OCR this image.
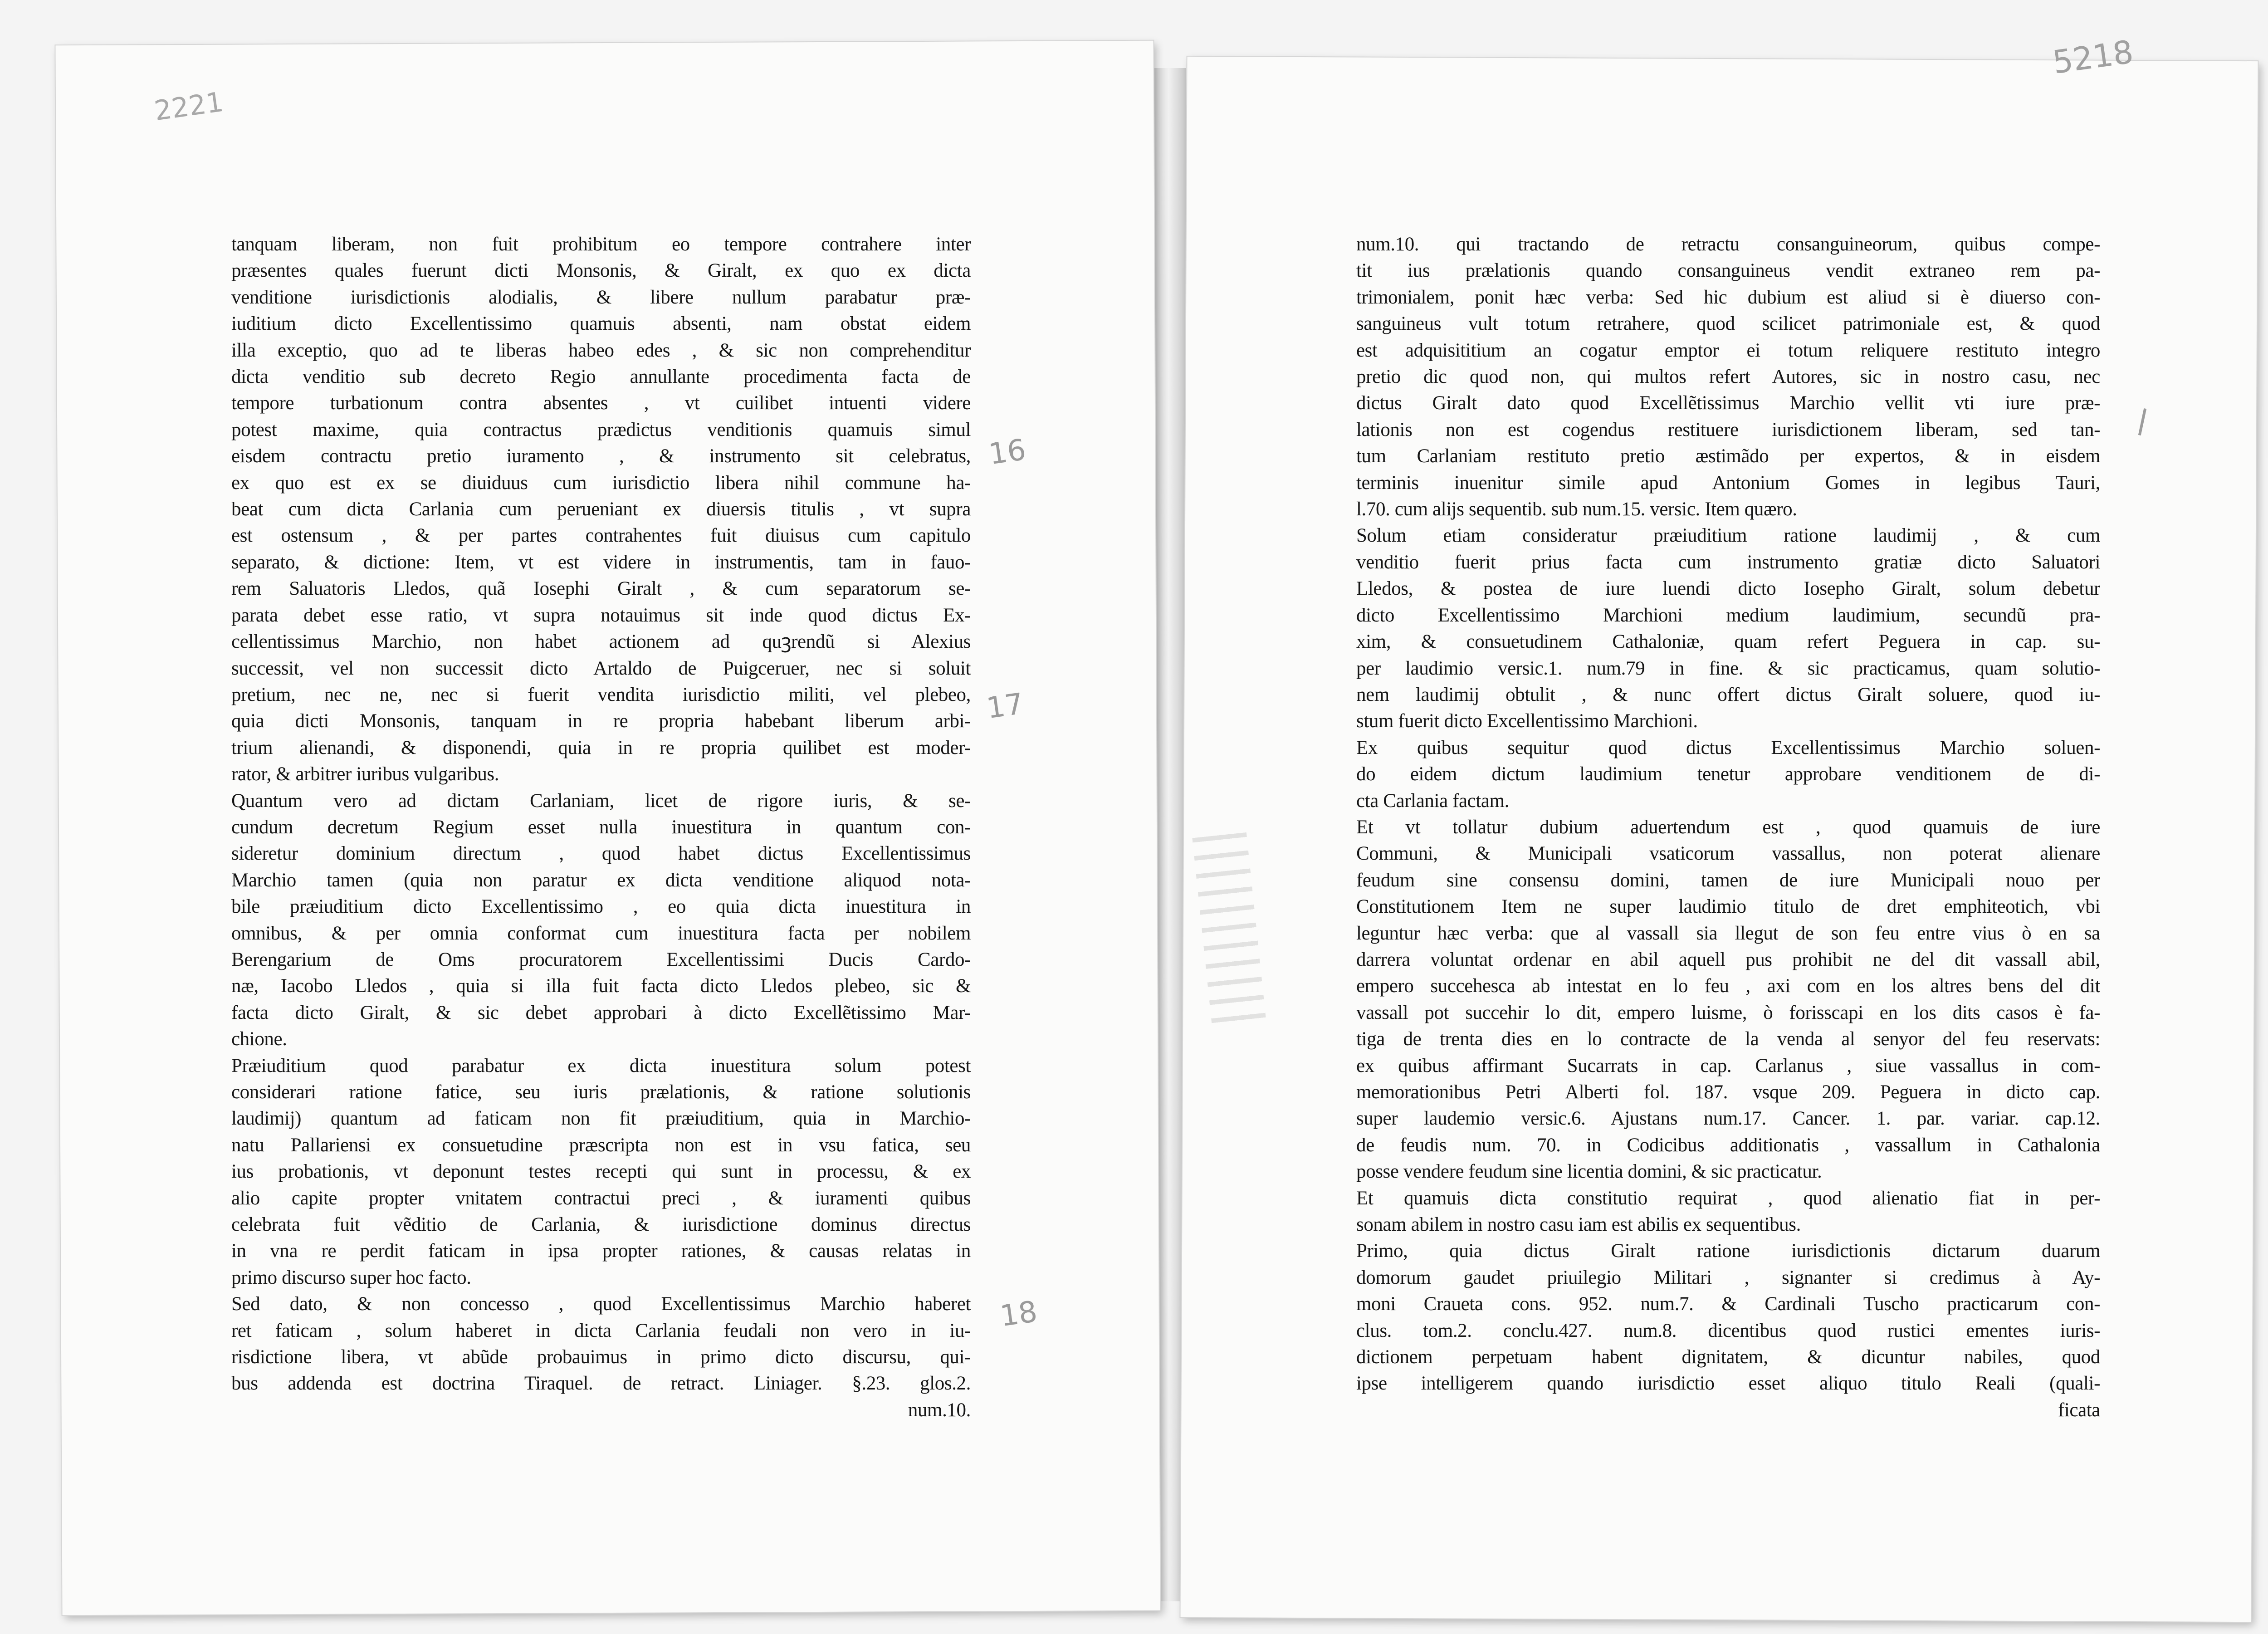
2221
5218
16
17
18
tanquam liberam, non fuit prohibitum eo tempore contrahere inter
præsentes quales fuerunt dicti Monsonis, & Giralt, ex quo ex dicta
venditione iurisdictionis alodialis, & libere nullum parabatur præ-
iuditium dicto Excellentissimo quamuis absenti, nam obstat eidem
illa exceptio, quo ad te liberas habeo edes , & sic non comprehenditur
dicta venditio sub decreto Regio annullante procedimenta facta de
tempore turbationum contra absentes , vt cuilibet intuenti videre
potest maxime, quia contractus prædictus venditionis quamuis simul
eisdem contractu pretio iuramento , & instrumento sit celebratus,
ex quo est ex se diuiduus cum iurisdictio libera nihil commune ha-
beat cum dicta Carlania cum perueniant ex diuersis titulis , vt supra
est ostensum , & per partes contrahentes fuit diuisus cum capitulo
separato, & dictione: Item, vt est videre in instrumentis, tam in fauo-
rem Saluatoris Lledos, quã Iosephi Giralt , & cum separatorum se-
parata debet esse ratio, vt supra notauimus sit inde quod dictus Ex-
cellentissimus Marchio, non habet actionem ad quꝫrendũ si Alexius
successit, vel non successit dicto Artaldo de Puigceruer, nec si soluit
pretium, nec ne, nec si fuerit vendita iurisdictio militi, vel plebeo,
quia dicti Monsonis, tanquam in re propria habebant liberum arbi-
trium alienandi, & disponendi, quia in re propria quilibet est moder-
rator, & arbitrer iuribus vulgaribus.
Quantum vero ad dictam Carlaniam, licet de rigore iuris, & se-
cundum decretum Regium esset nulla inuestitura in quantum con-
sideretur dominium directum , quod habet dictus Excellentissimus
Marchio tamen (quia non paratur ex dicta venditione aliquod nota-
bile præiuditium dicto Excellentissimo , eo quia dicta inuestitura in
omnibus, & per omnia conformat cum inuestitura facta per nobilem
Berengarium de Oms procuratorem Excellentissimi Ducis Cardo-
næ, Iacobo Lledos , quia si illa fuit facta dicto Lledos plebeo, sic &
facta dicto Giralt, & sic debet approbari à dicto Excellẽtissimo Mar-
chione.
Præiuditium quod parabatur ex dicta inuestitura solum potest
considerari ratione fatice, seu iuris prælationis, & ratione solutionis
laudimij) quantum ad faticam non fit præiuditium, quia in Marchio-
natu Pallariensi ex consuetudine præscripta non est in vsu fatica, seu
ius probationis, vt deponunt testes recepti qui sunt in processu, & ex
alio capite propter vnitatem contractui preci , & iuramenti quibus
celebrata fuit vẽditio de Carlania, & iurisdictione dominus directus
in vna re perdit faticam in ipsa propter rationes, & causas relatas in
primo discurso super hoc facto.
Sed dato, & non concesso , quod Excellentissimus Marchio haberet
ret faticam , solum haberet in dicta Carlania feudali non vero in iu-
risdictione libera, vt abũde probauimus in primo dicto discursu, qui-
bus addenda est doctrina Tiraquel. de retract. Liniager. §.23. glos.2.
num.10.
num.10. qui tractando de retractu consanguineorum, quibus compe-
tit ius prælationis quando consanguineus vendit extraneo rem pa-
trimonialem, ponit hæc verba: Sed hic dubium est aliud si è diuerso con-
sanguineus vult totum retrahere, quod scilicet patrimoniale est, & quod
est adquisititium an cogatur emptor ei totum reliquere restituto integro
pretio dic quod non, qui multos refert Autores, sic in nostro casu, nec
dictus Giralt dato quod Excellẽtissimus Marchio vellit vti iure præ-
lationis non est cogendus restituere iurisdictionem liberam, sed tan-
tum Carlaniam restituto pretio æstimãdo per expertos, & in eisdem
terminis inuenitur simile apud Antonium Gomes in legibus Tauri,
l.70. cum alijs sequentib. sub num.15. versic. Item quæro.
Solum etiam consideratur præiuditium ratione laudimij , & cum
venditio fuerit prius facta cum instrumento gratiæ dicto Saluatori
Lledos, & postea de iure luendi dicto Iosepho Giralt, solum debetur
dicto Excellentissimo Marchioni medium laudimium, secundũ pra-
xim, & consuetudinem Cathaloniæ, quam refert Peguera in cap. su-
per laudimio versic.1. num.79 in fine. & sic practicamus, quam solutio-
nem laudimij obtulit , & nunc offert dictus Giralt soluere, quod iu-
stum fuerit dicto Excellentissimo Marchioni.
Ex quibus sequitur quod dictus Excellentissimus Marchio soluen-
do eidem dictum laudimium tenetur approbare venditionem de di-
cta Carlania factam.
Et vt tollatur dubium aduertendum est , quod quamuis de iure
Communi, & Municipali vsaticorum vassallus, non poterat alienare
feudum sine consensu domini, tamen de iure Municipali nouo per
Constitutionem Item ne super laudimio titulo de dret emphiteotich, vbi
leguntur hæc verba: que al vassall sia llegut de son feu entre vius ò en sa
darrera voluntat ordenar en abil aquell pus prohibit ne del dit vassall abil,
empero succehesca ab intestat en lo feu , axi com en los altres bens del dit
vassall pot succehir lo dit, empero luisme, ò forisscapi en los dits casos è fa-
tiga de trenta dies en lo contracte de la venda al senyor del feu reservats:
ex quibus affirmant Sucarrats in cap. Carlanus , siue vassallus in com-
memorationibus Petri Alberti fol. 187. vsque 209. Peguera in dicto cap.
super laudemio versic.6. Ajustans num.17. Cancer. 1. par. variar. cap.12.
de feudis num. 70. in Codicibus additionatis , vassallum in Cathalonia
posse vendere feudum sine licentia domini, & sic practicatur.
Et quamuis dicta constitutio requirat , quod alienatio fiat in per-
sonam abilem in nostro casu iam est abilis ex sequentibus.
Primo, quia dictus Giralt ratione iurisdictionis dictarum duarum
domorum gaudet priuilegio Militari , signanter si credimus à Ay-
moni Craueta cons. 952. num.7. & Cardinali Tuscho practicarum con-
clus. tom.2. conclu.427. num.8. dicentibus quod rustici ementes iuris-
dictionem perpetuam habent dignitatem, & dicuntur nabiles, quod
ipse intelligerem quando iurisdictio esset aliquo titulo Reali (quali-
ficata
